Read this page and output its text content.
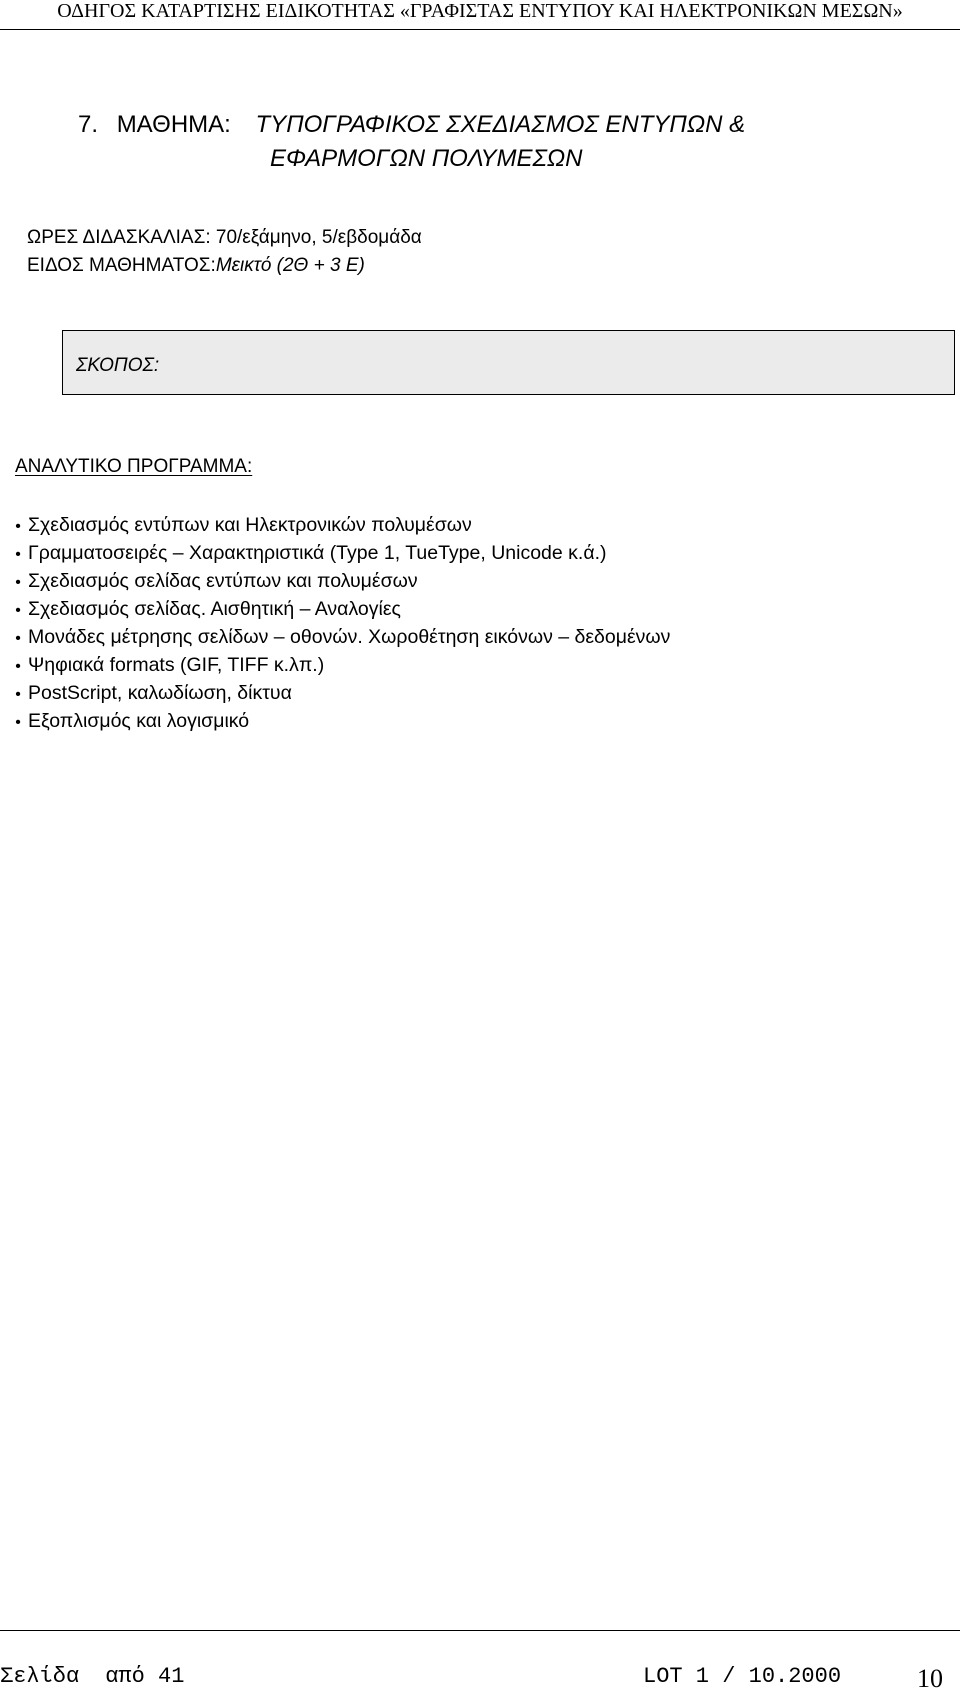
ΟΔΗΓΟΣ ΚΑΤΑΡΤΙΣΗΣ ΕΙΔΙΚΟΤΗΤΑΣ «ΓΡΑΦΙΣΤΑΣ ΕΝΤΥΠΟΥ ΚΑΙ ΗΛΕΚΤΡΟΝΙΚΩΝ ΜΕΣΩΝ»
7. ΜΑΘΗΜΑ: ΤΥΠΟΓΡΑΦΙΚΟΣ ΣΧΕΔΙΑΣΜΟΣ ΕΝΤΥΠΩΝ &
ΕΦΑΡΜΟΓΩΝ ΠΟΛΥΜΕΣΩΝ
ΩΡΕΣ ΔΙΔΑΣΚΑΛΙΑΣ: 70/εξάμηνο, 5/εβδομάδα
ΕΙΔΟΣ ΜΑΘΗΜΑΤΟΣ:Μεικτό (2Θ + 3 Ε)
ΣΚΟΠΟΣ:
ΑΝΑΛΥΤΙΚΟ ΠΡΟΓΡΑΜΜΑ:
• Σχεδιασμός εντύπων και Ηλεκτρονικών πολυμέσων
• Γραμματοσειρές – Χαρακτηριστικά (Type 1, TueType, Unicode κ.ά.)
• Σχεδιασμός σελίδας εντύπων και πολυμέσων
• Σχεδιασμός σελίδας. Αισθητική – Αναλογίες
• Μονάδες μέτρησης σελίδων – οθονών. Χωροθέτηση εικόνων – δεδομένων
• Ψηφιακά formats (GIF, TIFF κ.λπ.)
• PostScript, καλωδίωση, δίκτυα
• Εξοπλισμός και λογισμικό
Σελίδα από 41	LOT 1 / 10.2000	10
